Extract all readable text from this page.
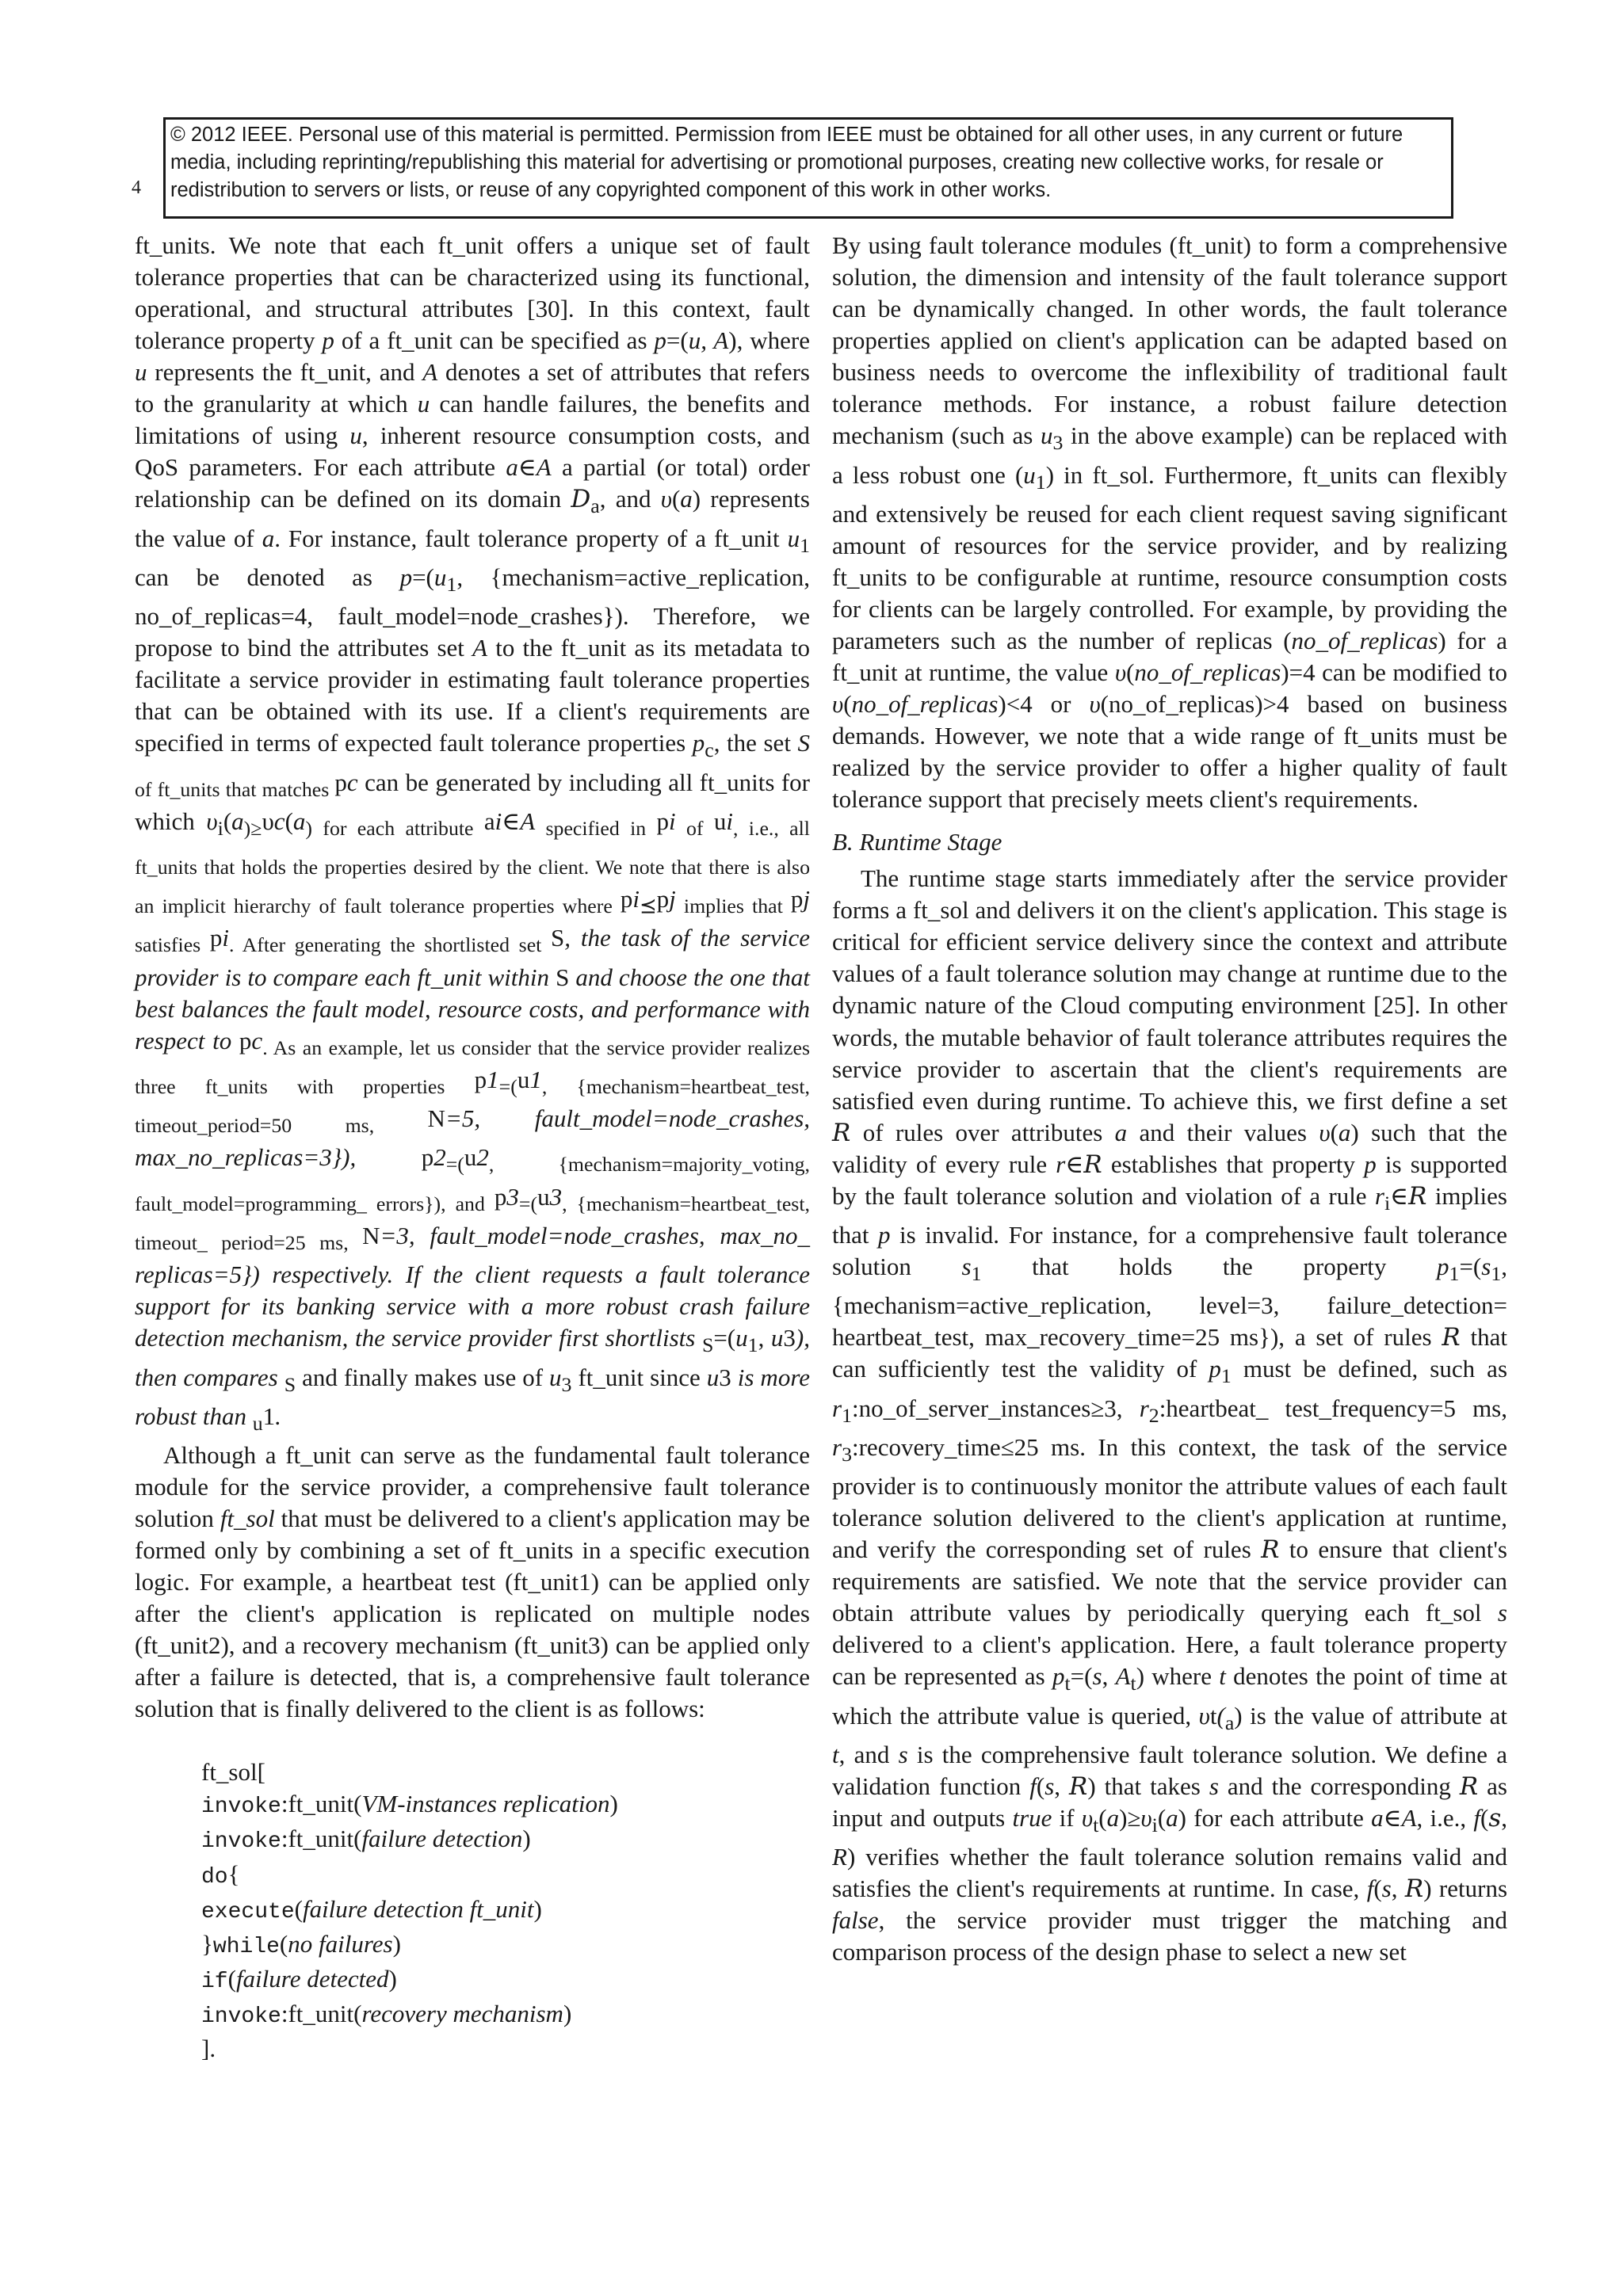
4
© 2012 IEEE. Personal use of this material is permitted. Permission from IEEE must be obtained for all other uses, in any current or future media, including reprinting/republishing this material for advertising or promotional purposes, creating new collective works, for resale or redistribution to servers or lists, or reuse of any copyrighted component of this work in other works.

ft_units. We note that each ft_unit offers a unique set of fault tolerance properties that can be characterized using its functional, operational, and structural attributes [30]. In this context, fault tolerance property p of a ft_unit can be specified as p=(u, A), where u represents the ft_unit, and A denotes a set of attributes that refers to the granularity at which u can handle failures, the benefits and limitations of using u, inherent resource consumption costs, and QoS parameters. For each attribute a∈A a partial (or total) order relationship can be defined on its domain $D_a$, and υ(a) represents the value of a. For instance, fault tolerance property of a ft_unit $u_1$ can be denoted as $p=(u_1$, {mechanism=active_replication, no_of_replicas=4, fault_model=node_crashes}). Therefore, we propose to bind the attributes set A to the ft_unit as its metadata to facilitate a service provider in estimating fault tolerance properties that can be obtained with its use. If a client's requirements are specified in terms of expected fault tolerance properties $p_c$, the set S $_{of ft\_units that matches}$ pc can be generated by including all ft_units for which $\upsilon_i(a_{)\ge}\upsilon c(a_{) for each attribute}$ ai∈A $_{specified in}$ pi $_{of}$ $ui_{, i.e., all ft\_units that holds the properties desired by the client. We note that there is also an implicit hierarchy of fault tolerance properties where}$ $pi_⪯pj$ $_{implies that}$ pj $_{satisfies}$ $pi_{. After generating the shortlisted set}$ S, the task of the service provider is to compare each ft_unit within S and choose the one that best balances the fault model, resource costs, and performance with respect to $pc_{. As an example, let us consider that the service provider realizes three ft\_units with properties}$ $p1_{=(}u1_{, \{mechanism=heartbeat\_test, timeout\_period=50 ms,}$ N=5, fault_model=node_crashes, max_no_replicas=3}), $p2_{=(}u2_{, \{mechanism=majority\_voting, fault\_model=programming\_ errors\}), and}$ $p3_{=(}u3_{, \{mechanism=heartbeat\_test, timeout\_ period=25 ms,}$ N=3, fault_model=node_crashes, max_no_ replicas=5}) respectively. If the client requests a fault tolerance support for its banking service with a more robust crash failure detection mechanism, the service provider first shortlists $_S=(u_1$, u3), then compares $_S$ and finally makes use of $u_3$ ft_unit since u3 is more robust than $_u$1.

Although a ft_unit can serve as the fundamental fault tolerance module for the service provider, a comprehensive fault tolerance solution ft_sol that must be delivered to a client's application may be formed only by combining a set of ft_units in a specific execution logic. For example, a heartbeat test (ft_unit1) can be applied only after the client's application is replicated on multiple nodes (ft_unit2), and a recovery mechanism (ft_unit3) can be applied only after a failure is detected, that is, a comprehensive fault tolerance solution that is finally delivered to the client is as follows:

ft_sol[
invoke:ft_unit(VM-instances replication)
invoke:ft_unit(failure detection)
do{
execute(failure detection ft_unit)
}while(no failures)
if(failure detected)
invoke:ft_unit(recovery mechanism)
].

By using fault tolerance modules (ft_unit) to form a comprehensive solution, the dimension and intensity of the fault tolerance support can be dynamically changed. In other words, the fault tolerance properties applied on client's application can be adapted based on business needs to overcome the inflexibility of traditional fault tolerance methods. For instance, a robust failure detection mechanism (such as $u_3$ in the above example) can be replaced with a less robust one $(u_1)$ in ft_sol. Furthermore, ft_units can flexibly and extensively be reused for each client request saving significant amount of resources for the service provider, and by realizing ft_units to be configurable at runtime, resource consumption costs for clients can be largely controlled. For example, by providing the parameters such as the number of replicas (no_of_replicas) for a ft_unit at runtime, the value υ(no_of_replicas)=4 can be modified to υ(no_of_replicas)<4 or υ(no_of_replicas)>4 based on business demands. However, we note that a wide range of ft_units must be realized by the service provider to offer a higher quality of fault tolerance support that precisely meets client's requirements.

B. Runtime Stage

The runtime stage starts immediately after the service provider forms a ft_sol and delivers it on the client's application. This stage is critical for efficient service delivery since the context and attribute values of a fault tolerance solution may change at runtime due to the dynamic nature of the Cloud computing environment [25]. In other words, the mutable behavior of fault tolerance attributes requires the service provider to ascertain that the client's requirements are satisfied even during runtime. To achieve this, we first define a set R of rules over attributes a and their values υ(a) such that the validity of every rule r∈R establishes that property p is supported by the fault tolerance solution and violation of a rule $r_i\in R$ implies that p is invalid. For instance, for a comprehensive fault tolerance solution $s_1$ that holds the property $p_1=(s_1$, {mechanism=active_replication, level=3, failure_detection= heartbeat_test, max_recovery_time=25 ms}), a set of rules R that can sufficiently test the validity of $p_1$ must be defined, such as $r_1:no\_of\_server\_instances\ge 3$, $r_2:heartbeat\_$ test_frequency=5 ms, $r_3:recovery\_time\le 25$ ms. In this context, the task of the service provider is to continuously monitor the attribute values of each fault tolerance solution delivered to the client's application at runtime, and verify the corresponding set of rules R to ensure that client's requirements are satisfied. We note that the service provider can obtain attribute values by periodically querying each ft_sol s delivered to a client's application. Here, a fault tolerance property can be represented as $p_t=(s$, $A_t$) where t denotes the point of time at which the attribute value is queried, $\upsilon t(_a)$ is the value of attribute at t, and s is the comprehensive fault tolerance solution. We define a validation function f(s, R) that takes s and the corresponding R as input and outputs true if $\upsilon_t(a)\ge\upsilon_i(a)$ for each attribute a∈A, i.e., f(s, R) verifies whether the fault tolerance solution remains valid and satisfies the client's requirements at runtime. In case, f(s, R) returns false, the service provider must trigger the matching and comparison process of the design phase to select a new set
